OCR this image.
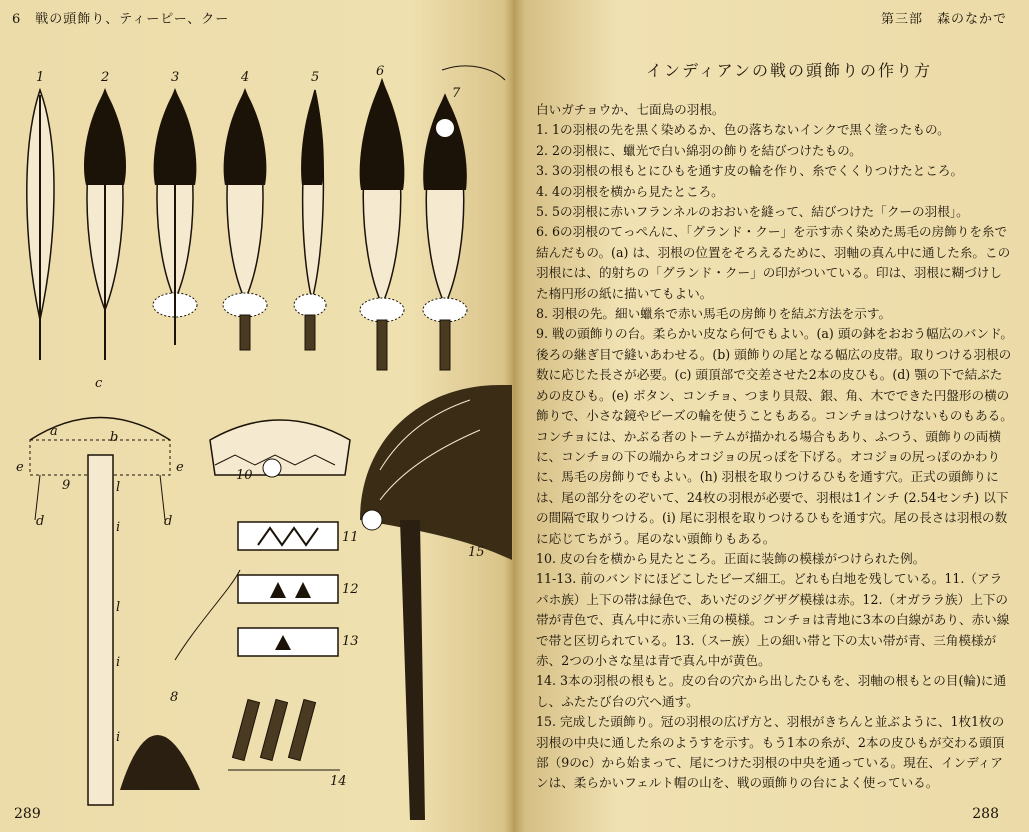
6　戦の頭飾り、ティーピー、クー
1	2	3	4	5	6
7
8
9
10
11
12
13
14
15
c
e	e
a	b
d	d
i
i
i
l
l
289
第三部　森のなかで
インディアンの戦の頭飾りの作り方

白いガチョウか、七面鳥の羽根。

1. 1の羽根の先を黒く染めるか、色の落ちないインクで黒く塗ったもの。

2. 2の羽根に、蠟光で白い綿羽の飾りを結びつけたもの。

3. 3の羽根の根もとにひもを通す皮の輪を作り、糸でくくりつけたところ。

4. 4の羽根を横から見たところ。

5. 5の羽根に赤いフランネルのおおいを縫って、結びつけた「クーの羽根」。

6. 6の羽根のてっぺんに、「グランド・クー」を示す赤く染めた馬毛の房飾りを糸で結んだもの。(a) は、羽根の位置をそろえるために、羽軸の真ん中に通した糸。この羽根には、的射ちの「グランド・クー」の印がついている。印は、羽根に糊づけした楕円形の紙に描いてもよい。

8. 羽根の先。細い蠟糸で赤い馬毛の房飾りを結ぶ方法を示す。

9. 戦の頭飾りの台。柔らかい皮なら何でもよい。(a) 頭の鉢をおおう幅広のバンド。後ろの継ぎ目で縫いあわせる。(b) 頭飾りの尾となる幅広の皮帯。取りつける羽根の数に応じた長さが必要。(c) 頭頂部で交差させた2本の皮ひも。(d) 顎の下で結ぶための皮ひも。(e) ボタン、コンチョ、つまり貝殻、銀、角、木でできた円盤形の横の飾りで、小さな鏡やビーズの輪を使うこともある。コンチョはつけないものもある。コンチョには、かぶる者のトーテムが描かれる場合もあり、ふつう、頭飾りの両横に、コンチョの下の端からオコジョの尻っぽを下げる。オコジョの尻っぽのかわりに、馬毛の房飾りでもよい。(h) 羽根を取りつけるひもを通す穴。正式の頭飾りには、尾の部分をのぞいて、24枚の羽根が必要で、羽根は1インチ (2.54センチ) 以下の間隔で取りつける。(i) 尾に羽根を取りつけるひもを通す穴。尾の長さは羽根の数に応じてちがう。尾のない頭飾りもある。

10. 皮の台を横から見たところ。正面に装飾の模様がつけられた例。

11-13. 前のバンドにほどこしたビーズ細工。どれも白地を残している。11.（アラパホ族）上下の帯は緑色で、あいだのジグザグ模様は赤。12.（オガララ族）上下の帯が青色で、真ん中に赤い三角の模様。コンチョは青地に3本の白線があり、赤い線で帯と区切られている。13.（スー族）上の細い帯と下の太い帯が青、三角模様が赤、2つの小さな星は青で真ん中が黄色。

14. 3本の羽根の根もと。皮の台の穴から出したひもを、羽軸の根もとの目(輪)に通し、ふたたび台の穴へ通す。

15. 完成した頭飾り。冠の羽根の広げ方と、羽根がきちんと並ぶように、1枚1枚の羽根の中央に通した糸のようすを示す。もう1本の糸が、2本の皮ひもが交わる頭頂部（9のc）から始まって、尾につけた羽根の中央を通っている。現在、インディアンは、柔らかいフェルト帽の山を、戦の頭飾りの台によく使っている。

288
